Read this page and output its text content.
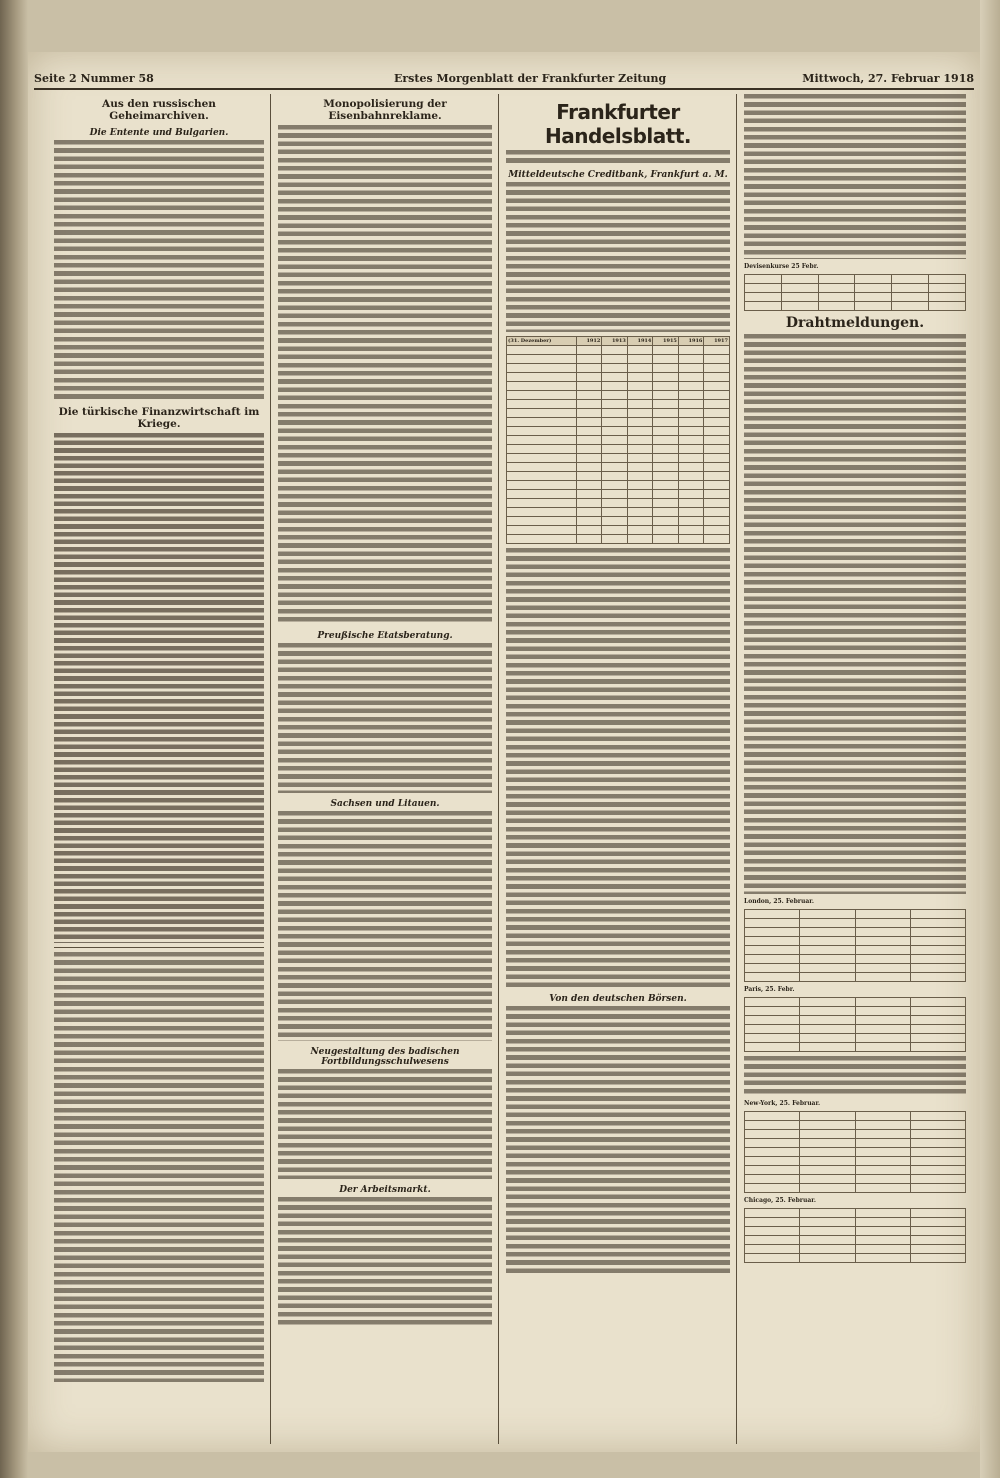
Seite 2 Nummer 58	Erstes Morgenblatt der Frankfurter Zeitung	Mittwoch, 27. Februar 1918
Aus den russischen Geheimarchiven.
Die Entente und Bulgarien.

Die türkische Finanzwirtschaft im Kriege.

Monopolisierung der Eisenbahnreklame.

Preußische Etatsberatung.

Sachsen und Litauen.

Neugestaltung des badischen Fortbildungsschulwesens

Der Arbeitsmarkt.

Frankfurter Handelsblatt.

Mitteldeutsche Creditbank, Frankfurt a. M.

(31. Dezember)	1912	1913	1914	1915	1916	1917

Von den deutschen Börsen.

Devisenkurse 25 Febr.

Drahtmeldungen.

London, 25. Februar.

Paris, 25. Febr.

New-York, 25. Februar.

Chicago, 25. Februar.
